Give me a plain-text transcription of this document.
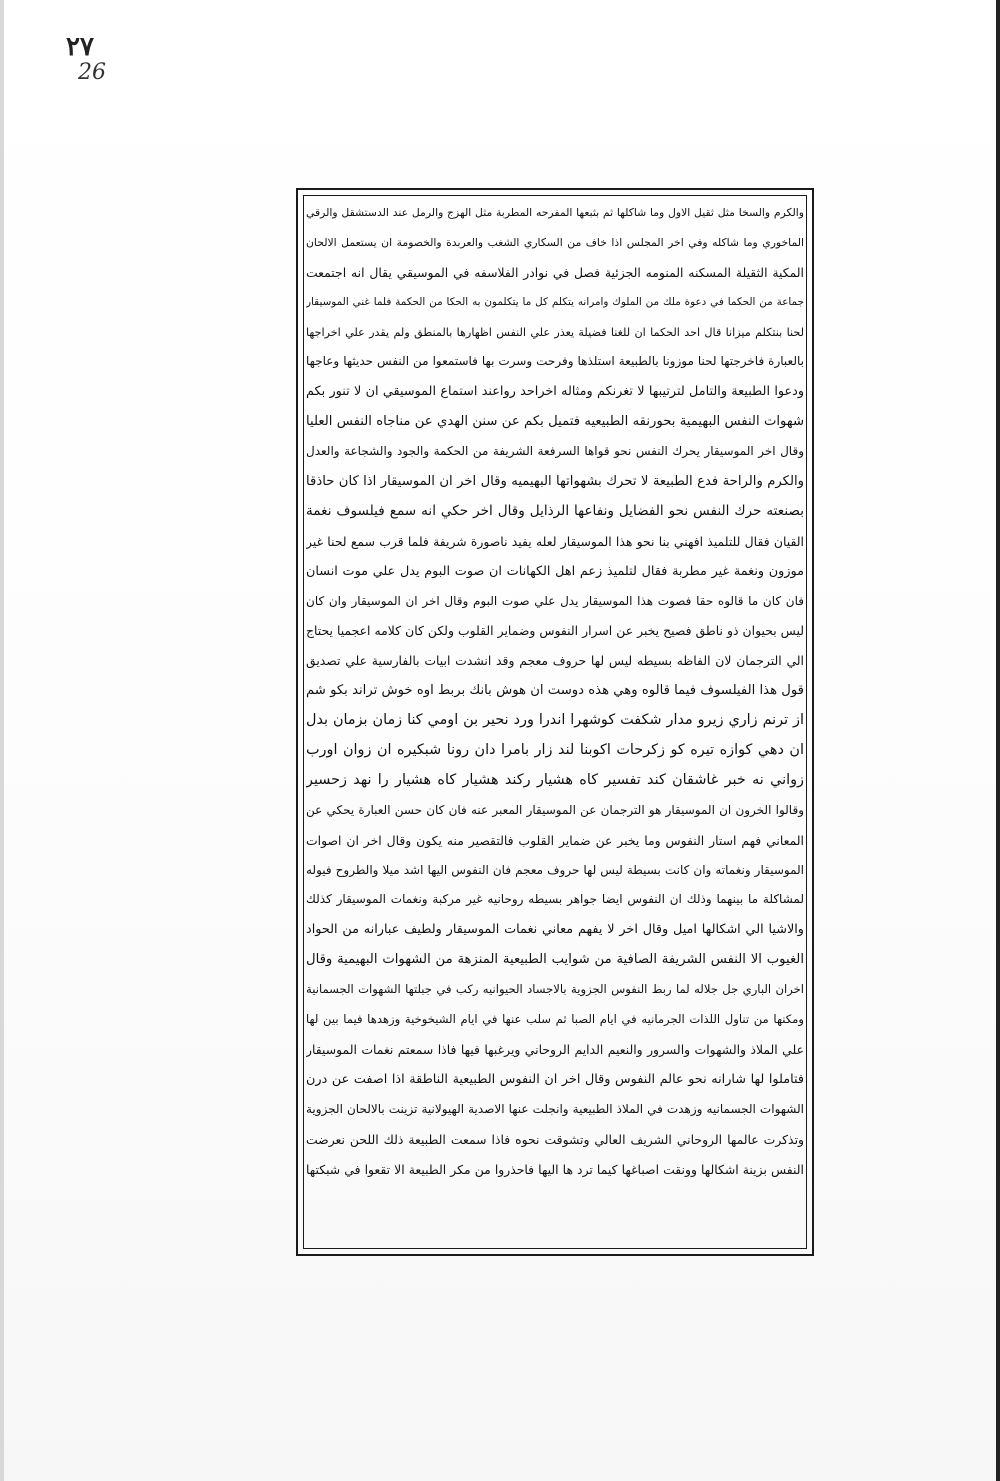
٢٧
26
والكرم والسخا مثل ثقيل الاول وما شاكلها ثم بثبعها المفرحه المطربة مثل الهزج والرمل عند الدستشقل والرقي
الماخوري وما شاكله وفي اخر المجلس اذا خاف من السكاري الشغب والعربدة والخصومة ان يستعمل الالحان
المكية الثقيلة المسكنه المنومه الجزئية فصل في نوادر الفلاسفه في الموسيقي يقال انه اجتمعت
جماعة من الحكما في دعوة ملك من الملوك وامرانه يتكلم كل ما يتكلمون به الحكا من الحكمة فلما غني الموسيقار
لحنا بنتكلم ميزانا قال احد الحكما ان للغنا فضيلة يعذر علي النفس اظهارها بالمنطق ولم يقدر علي اخراجها
بالعبارة فاخرجتها لحنا موزونا بالطبيعة استلذها وفرحت وسرت بها فاستمعوا من النفس حديثها وعاجها
ودعوا الطبيعة والتامل لترتيبها لا تغرنكم ومثاله اخراحد رواعند استماع الموسيقي ان لا تنور بكم
شهوات النفس البهيمية بحورنقه الطبيعيه فتميل بكم عن سنن الهدي عن مناجاه النفس العليا
وقال اخر الموسيقار يحرك النفس نحو قواها السرفعة الشريفة من الحكمة والجود والشجاعة والعدل
والكرم والراحة فدع الطبيعة لا تحرك بشهواتها البهيميه وقال اخر ان الموسيقار اذا كان حاذقا
بصنعته حرك النفس نحو الفضايل ونفاعها الرذايل وقال اخر حكي انه سمع فيلسوف نغمة
القيان فقال للتلميذ افهني بنا نحو هذا الموسيقار لعله يفيد ناصورة شريفة فلما قرب سمع لحنا غير
موزون ونغمة غير مطربة فقال لتلميذ زعم اهل الكهانات ان صوت البوم يدل علي موت انسان
فان كان ما قالوه حقا فصوت هذا الموسيقار يدل علي صوت البوم وقال اخر ان الموسيقار وان كان
ليس بحيوان ذو ناطق فصيح يخبر عن اسرار النفوس وضماير القلوب ولكن كان كلامه اعجميا يحتاج
الي الترجمان لان الفاظه بسيطه ليس لها حروف معجم وقد انشدت ابيات بالفارسية علي تصديق
قول هذا الفيلسوف فيما قالوه وهي هذه دوست ان هوش بانك بربط اوه خوش تراند بكو شم
از ترنم زاري زيرو مدار شكفت كوشهرا اندرا ورد نحير بن اومي كنا زمان بزمان بدل
ان دهي كوازه تيره كو زكرحات اكوبنا لند زار بامرا دان رونا شبكيره ان زوان اورب
زواني نه خبر غاشقان كند تفسير كاه هشيار ركند هشيار كاه هشيار را نهد زحسير
وقالوا الخرون ان الموسيقار هو الترجمان عن الموسيقار المعبر عنه فان كان حسن العبارة يحكي عن
المعاني فهم استار النفوس وما يخبر عن ضماير القلوب فالتقصير منه يكون وقال اخر ان اصوات
الموسيقار ونغماته وان كانت بسيطة ليس لها حروف معجم فان النفوس اليها اشد ميلا والطروح فيوله
لمشاكلة ما بينهما وذلك ان النفوس ايضا جواهر بسيطه روحانيه غير مركبة ونغمات الموسيقار كذلك
والاشيا الي اشكالها اميل وقال اخر لا يفهم معاني نغمات الموسيقار ولطيف عبارانه من الحواد
الغيوب الا النفس الشريفة الصافية من شوايب الطبيعية المنزهة من الشهوات البهيمية وقال
اخران الباري جل جلاله لما ربط النفوس الجزوية بالاجساد الحيوانيه ركب في جبلتها الشهوات الجسمانية
ومكنها من تناول اللذات الجرمانيه في ايام الصبا ثم سلب عنها في ايام الشيخوخية وزهدها فيما بين لها
علي الملاذ والشهوات والسرور والنعيم الدايم الروحاني ويرغبها فيها فاذا سمعتم نغمات الموسيقار
فتاملوا لها شارانه نحو عالم النفوس وقال اخر ان النفوس الطبيعية الناطقة اذا اصفت عن درن
الشهوات الجسمانيه وزهدت في الملاذ الطبيعية وانجلت عنها الاصدية الهيولانية تزينت بالالحان الجزوية
وتذكرت عالمها الروحاني الشريف العالي وتشوقت نحوه فاذا سمعت الطبيعة ذلك اللحن نعرضت
النفس بزينة اشكالها وونقت اصباغها كيما ترد ها اليها فاحذروا من مكر الطبيعة الا تقعوا في شبكتها
